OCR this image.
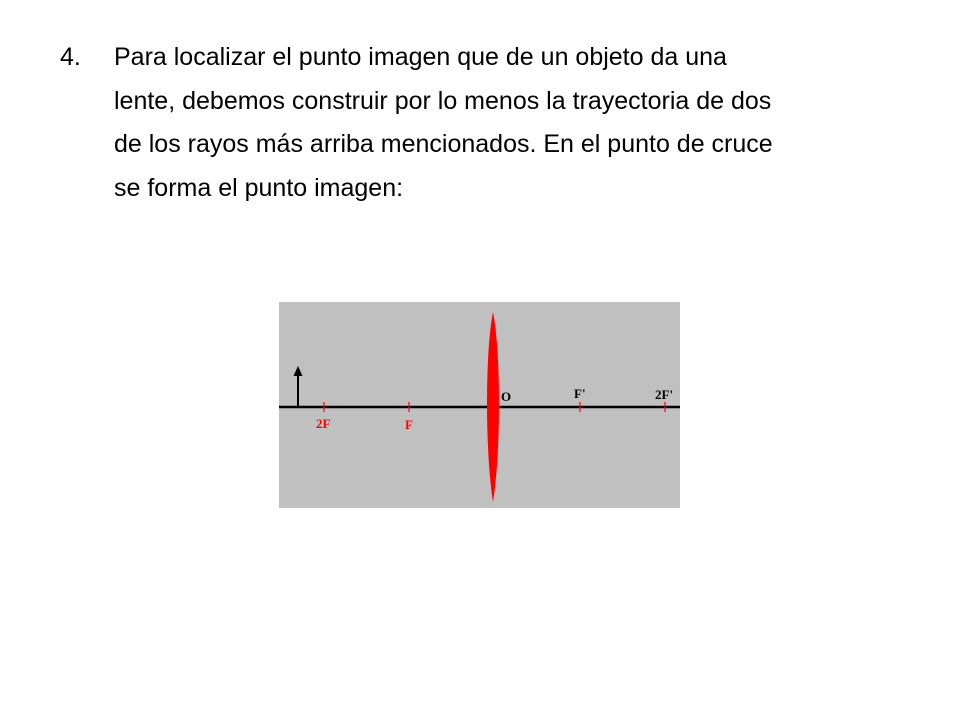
4. Para localizar el punto imagen que de un objeto da una
lente, debemos construir por lo menos la trayectoria de dos
de los rayos más arriba mencionados. En el punto de cruce
se forma el punto imagen:
2F	F
O	F'	2F'
